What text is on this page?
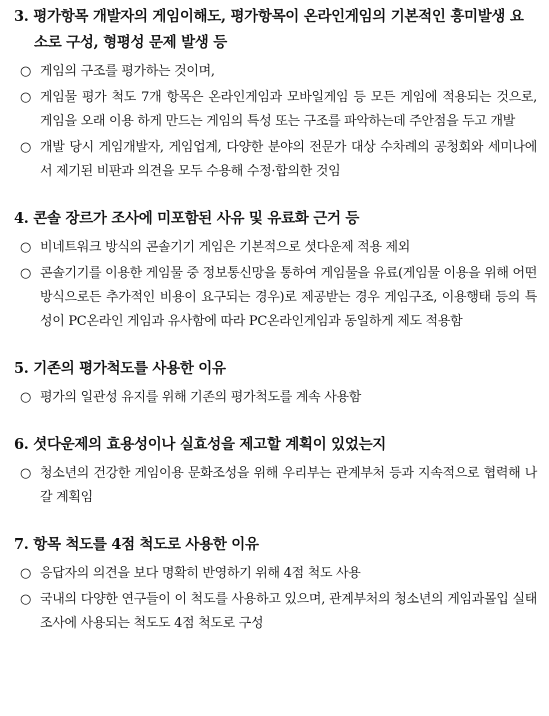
3. 평가항목 개발자의 게임이해도, 평가항목이 온라인게임의 기본적인 흥미발생 요소로 구성, 형평성 문제 발생 등
○ 게임의 구조를 평가하는 것이며,
○ 게임물 평가 척도 7개 항목은 온라인게임과 모바일게임 등 모든 게임에 적용되는 것으로, 게임을 오래 이용 하게 만드는 게임의 특성 또는 구조를 파악하는데 주안점을 두고 개발
○ 개발 당시 게임개발자, 게임업계, 다양한 분야의 전문가 대상 수차례의 공청회와 세미나에서 제기된 비판과 의견을 모두 수용해 수정·합의한 것임
4. 콘솔 장르가 조사에 미포함된 사유 및 유료화 근거 등
○ 비네트워크 방식의 콘솔기기 게임은 기본적으로 셧다운제 적용 제외
○ 콘솔기기를 이용한 게임물 중 정보통신망을 통하여 게임물을 유료(게임물 이용을 위해 어떤 방식으로든 추가적인 비용이 요구되는 경우)로 제공받는 경우 게임구조, 이용행태 등의 특성이 PC온라인 게임과 유사함에 따라 PC온라인게임과 동일하게 제도 적용함
5. 기존의 평가척도를 사용한 이유
○ 평가의 일관성 유지를 위해 기존의 평가척도를 계속 사용함
6. 셧다운제의 효용성이나 실효성을 제고할 계획이 있었는지
○ 청소년의 건강한 게임이용 문화조성을 위해 우리부는 관계부처 등과 지속적으로 협력해 나갈 계획임
7. 항목 척도를 4점 척도로 사용한 이유
○ 응답자의 의견을 보다 명확히 반영하기 위해 4점 척도 사용
○ 국내의 다양한 연구들이 이 척도를 사용하고 있으며, 관계부처의 청소년의 게임과몰입 실태조사에 사용되는 척도도 4점 척도로 구성
